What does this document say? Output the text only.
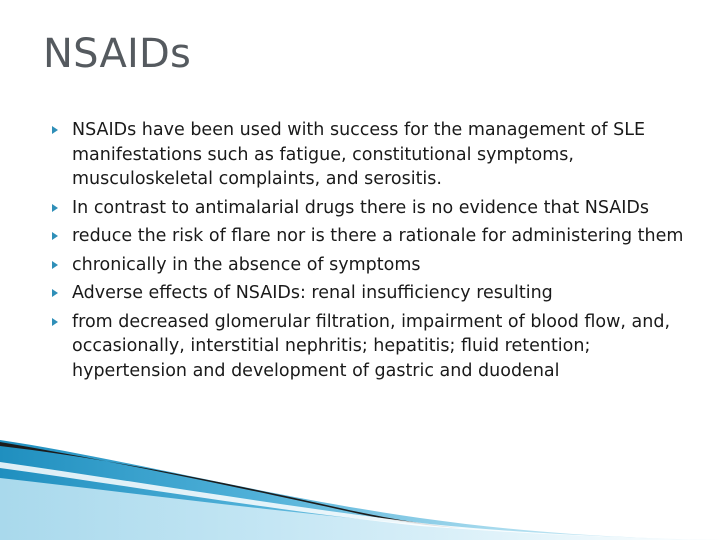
NSAIDs
NSAIDs have been used with success for the management of SLE manifestations such as fatigue, constitutional symptoms, musculoskeletal complaints, and serositis.
In contrast to antimalarial drugs there is no evidence that NSAIDs
reduce the risk of flare nor is there a rationale for administering them
chronically in the absence of symptoms
Adverse effects of NSAIDs: renal insufficiency resulting
from decreased glomerular filtration, impairment of blood flow, and, occasionally, interstitial nephritis; hepatitis; fluid retention; hypertension and development of gastric and duodenal
